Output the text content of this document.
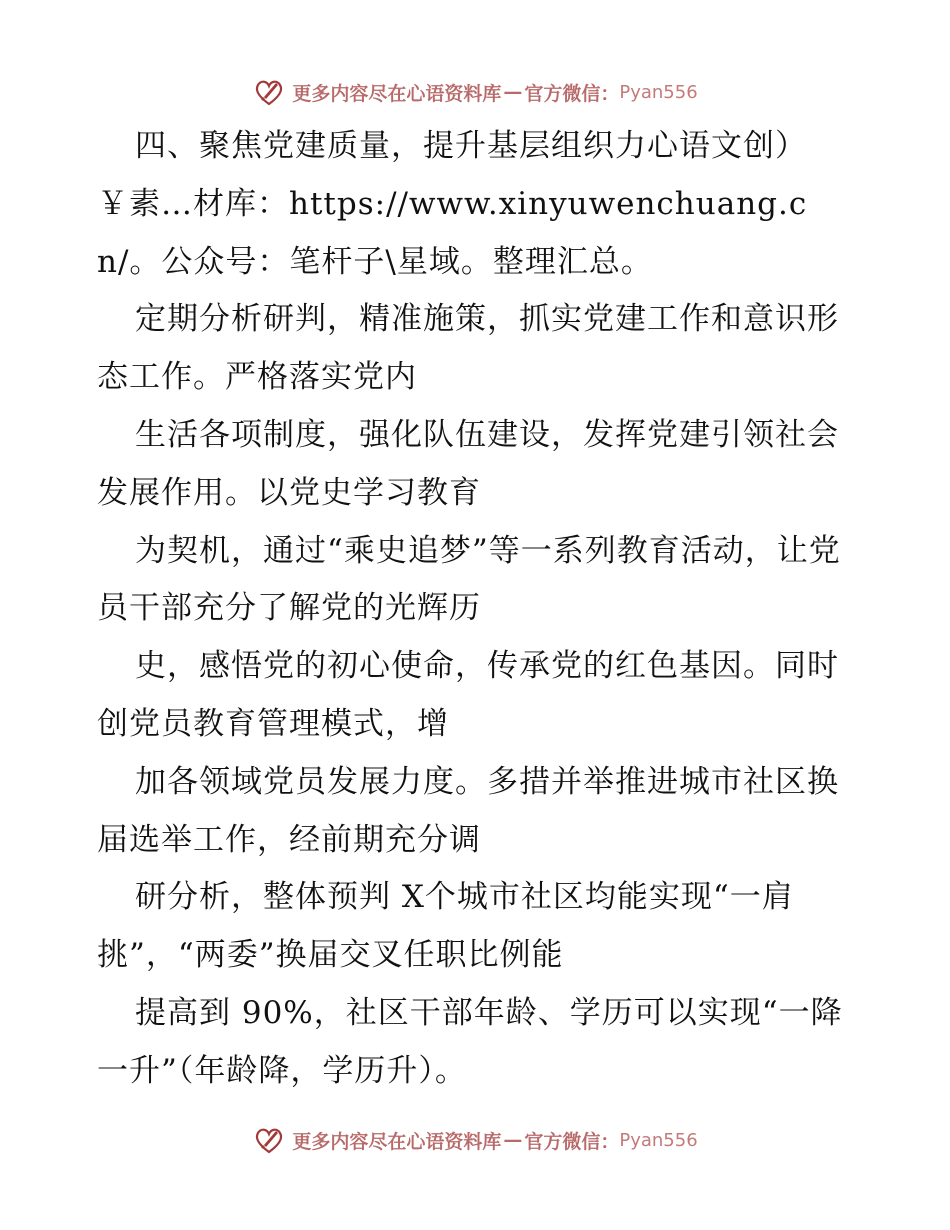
更多内容尽在心语资料库 — 官方微信： Pyan556

四、聚焦党建质量，提升基层组织力心语文创）￥素…材库：https://www.xinyuwenchuang.cn/。公众号：笔杆子\星域。整理汇总。

定期分析研判，精准施策，抓实党建工作和意识形态工作。严格落实党内

生活各项制度，强化队伍建设，发挥党建引领社会发展作用。以党史学习教育

为契机，通过“乘史追梦”等一系列教育活动，让党员干部充分了解党的光辉历

史，感悟党的初心使命，传承党的红色基因。同时创党员教育管理模式，增

加各领域党员发展力度。多措并举推进城市社区换届选举工作，经前期充分调

研分析，整体预判 X个城市社区均能实现“一肩挑”，“两委”换届交叉任职比例能

提高到 90%，社区干部年龄、学历可以实现“一降一升”（年龄降，学历升）。

更多内容尽在心语资料库 — 官方微信： Pyan556
